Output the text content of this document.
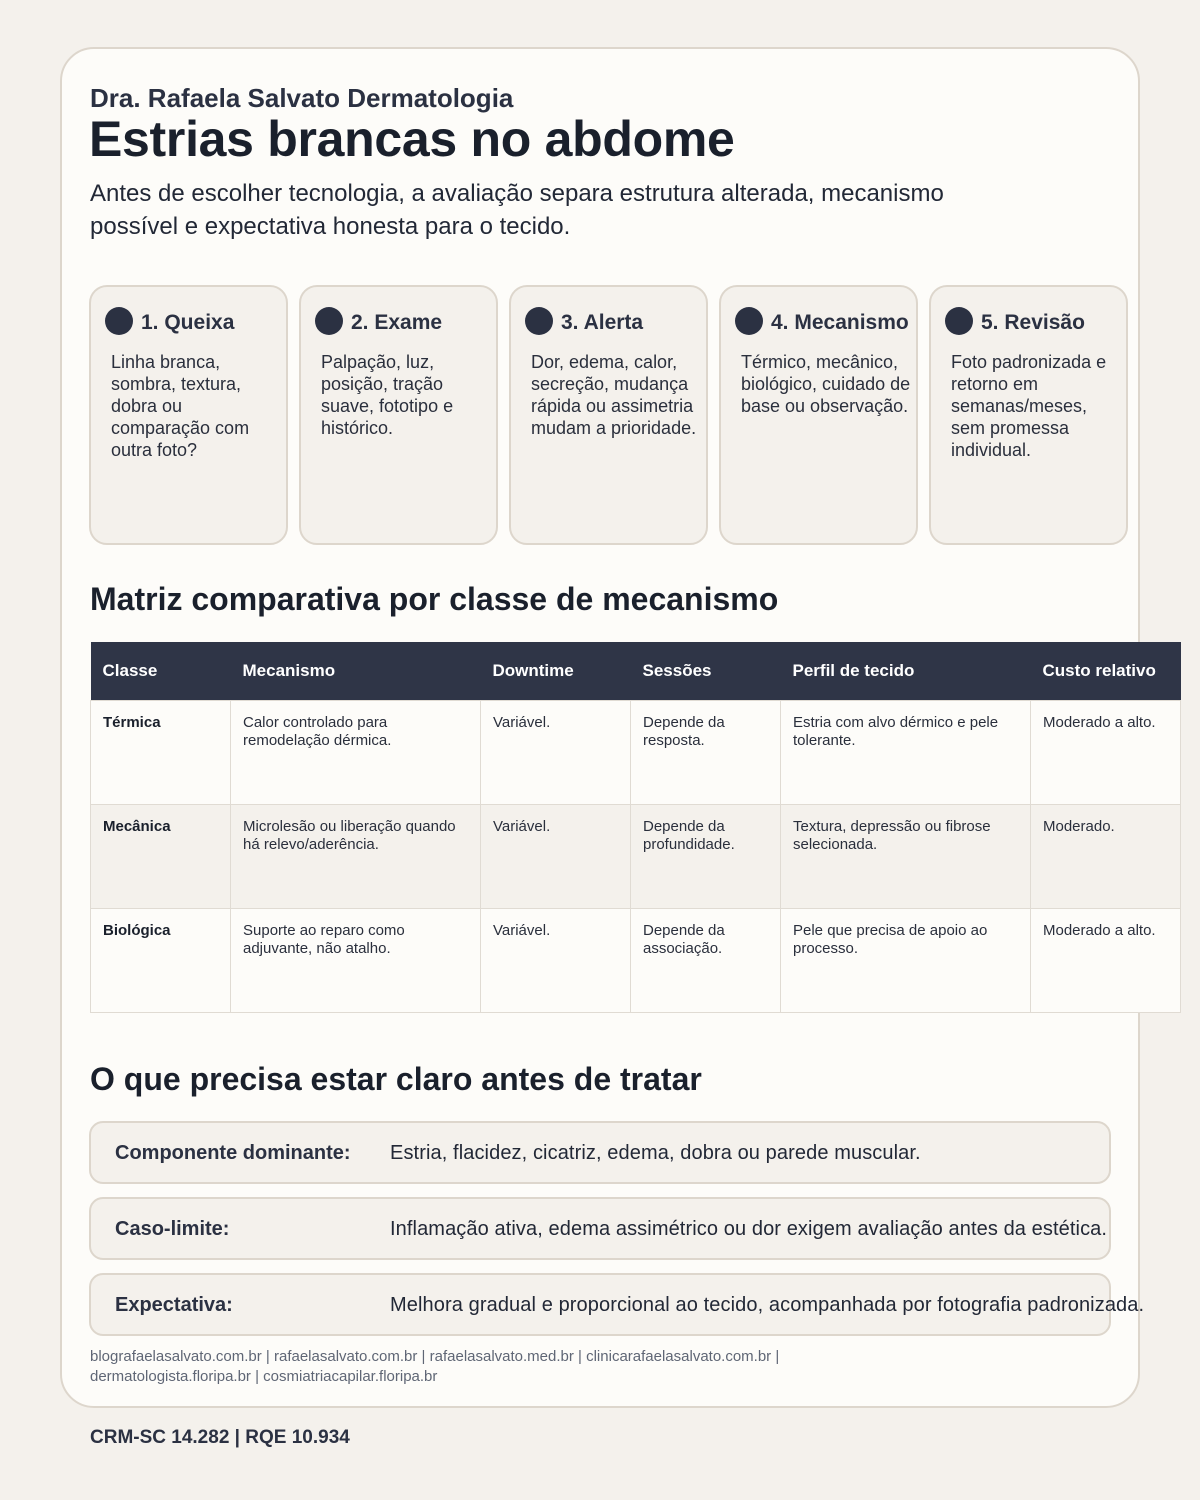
Dra. Rafaela Salvato Dermatologia
Estrias brancas no abdome

Antes de escolher tecnologia, a avaliação separa estrutura alterada, mecanismo possível e expectativa honesta para o tecido.

1. Queixa

Linha branca, sombra, textura, dobra ou comparação com outra foto?

2. Exame

Palpação, luz, posição, tração suave, fototipo e histórico.

3. Alerta

Dor, edema, calor, secreção, mudança rápida ou assimetria mudam a prioridade.

4. Mecanismo

Térmico, mecânico, biológico, cuidado de base ou observação.

5. Revisão

Foto padronizada e retorno em semanas/meses, sem promessa individual.

Matriz comparativa por classe de mecanismo
Classe	Mecanismo	Downtime	Sessões	Perfil de tecido	Custo relativo
Térmica	Calor controlado para remodelação dérmica.	Variável.	Depende da resposta.	Estria com alvo dérmico e pele tolerante.	Moderado a alto.
Mecânica	Microlesão ou liberação quando há relevo/aderência.	Variável.	Depende da profundidade.	Textura, depressão ou fibrose selecionada.	Moderado.
Biológica	Suporte ao reparo como adjuvante, não atalho.	Variável.	Depende da associação.	Pele que precisa de apoio ao processo.	Moderado a alto.
O que precisa estar claro antes de tratar
Componente dominante: Estria, flacidez, cicatriz, edema, dobra ou parede muscular.
Caso-limite:	Inflamação ativa, edema assimétrico ou dor exigem avaliação antes da estética.
Expectativa:	Melhora gradual e proporcional ao tecido, acompanhada por fotografia padronizada.

blografaelasalvato.com.br | rafaelasalvato.com.br | rafaelasalvato.med.br | clinicarafaelasalvato.com.br | dermatologista.floripa.br | cosmiatriacapilar.floripa.br

CRM-SC 14.282 | RQE 10.934
